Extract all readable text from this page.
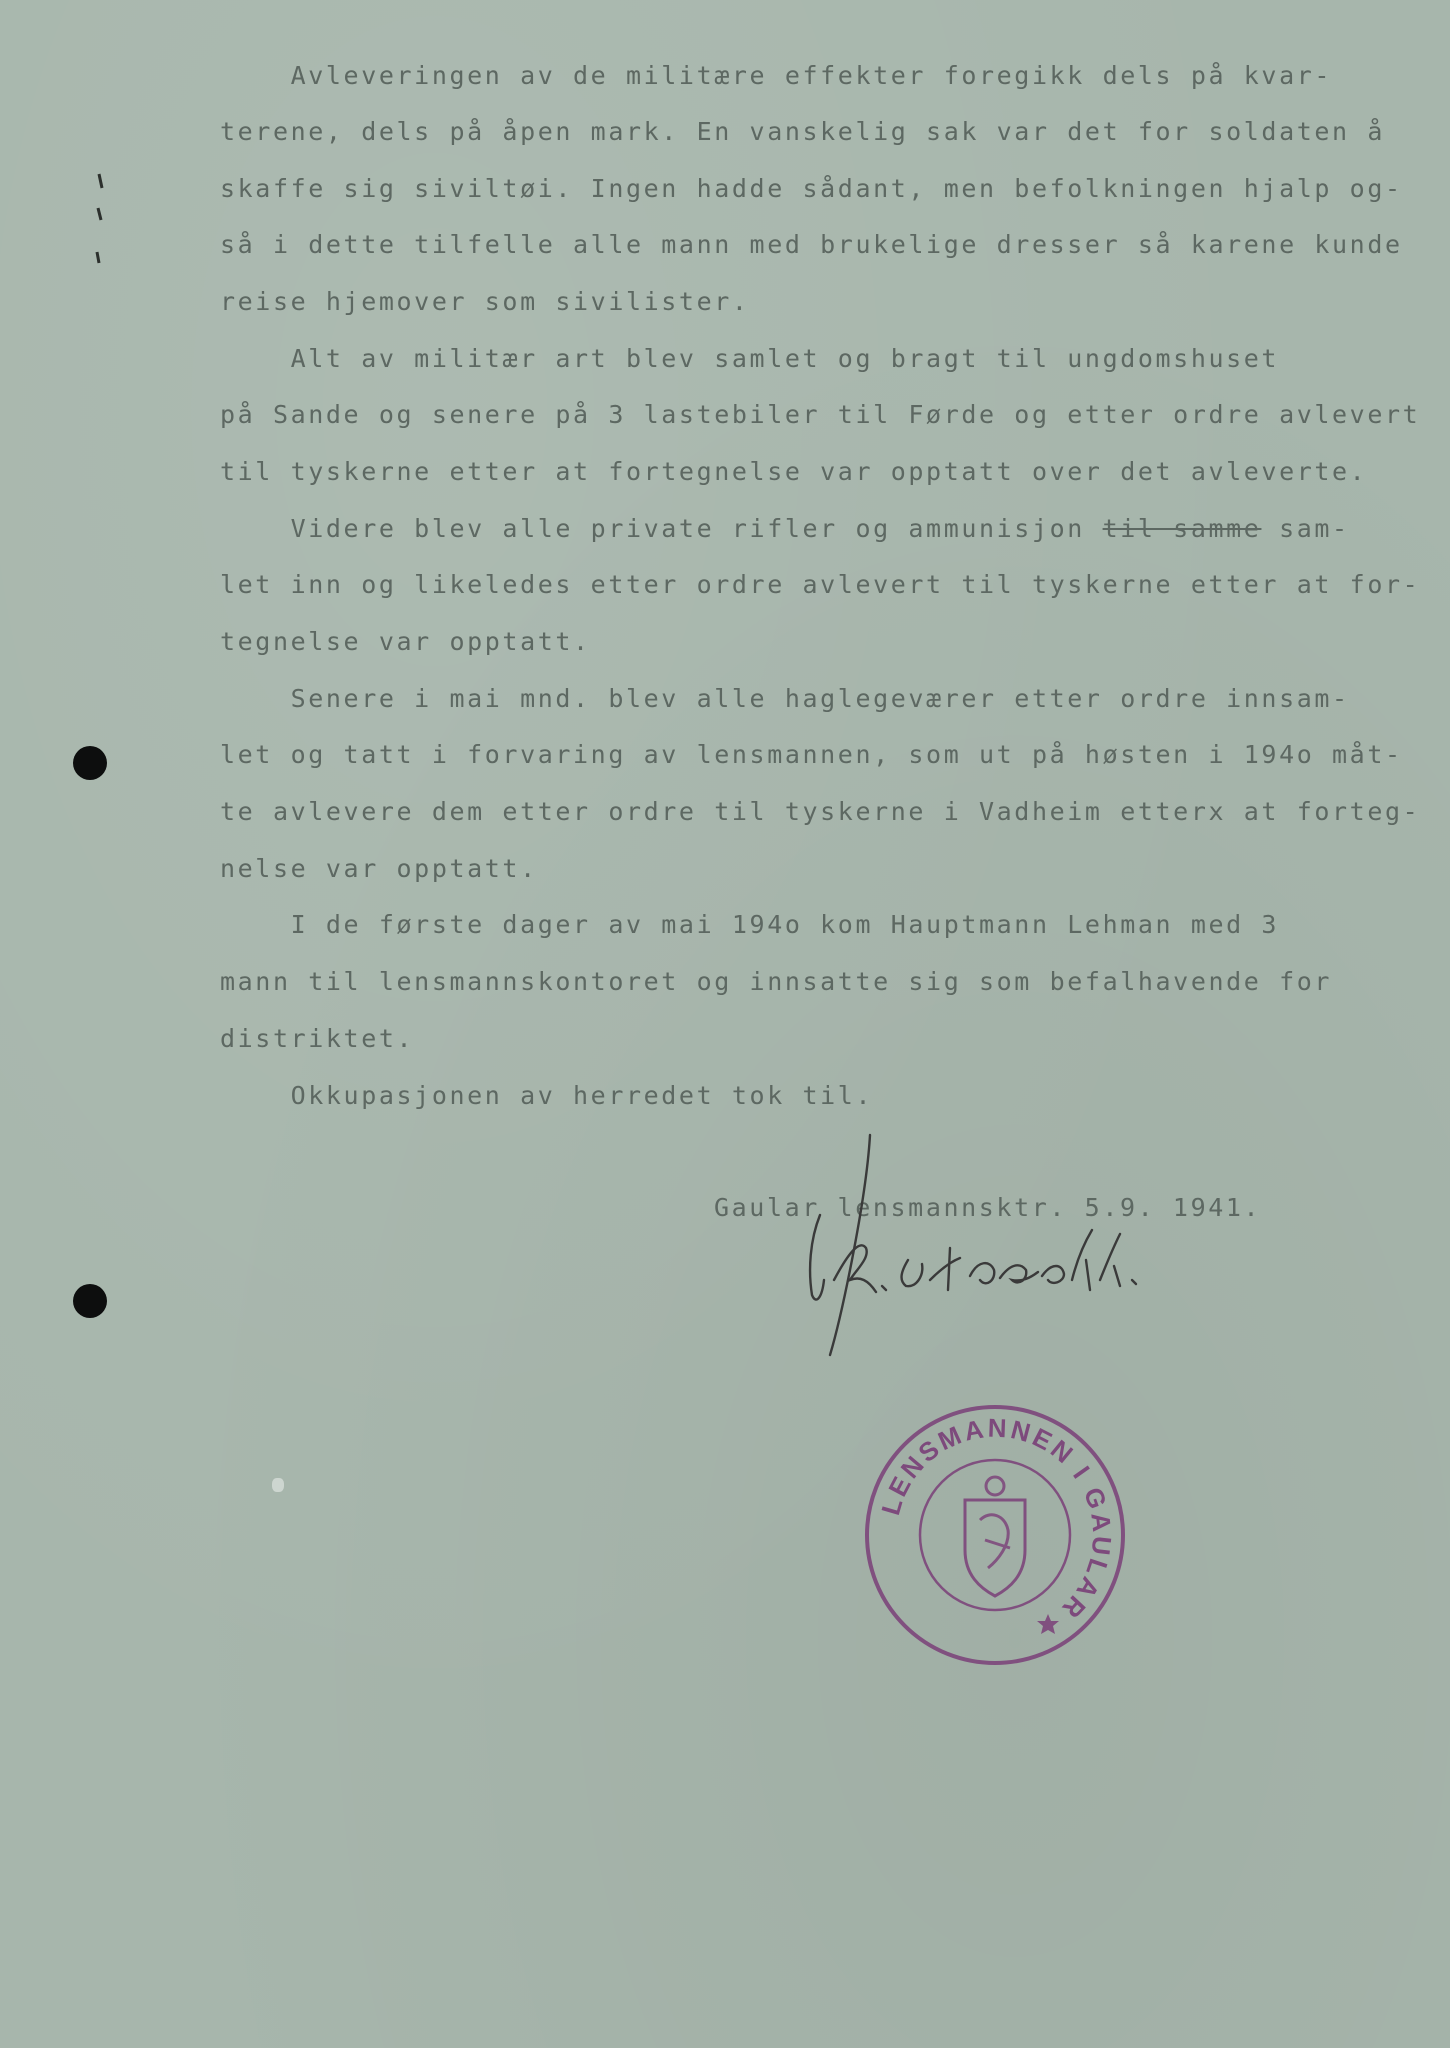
Avleveringen av de militære effekter foregikk dels på kvar-
terene, dels på åpen mark. En vanskelig sak var det for soldaten å
skaffe sig siviltøi. Ingen hadde sådant, men befolkningen hjalp og-
så i dette tilfelle alle mann med brukelige dresser så karene kunde
reise hjemover som sivilister.
Alt av militær art blev samlet og bragt til ungdomshuset
på Sande og senere på 3 lastebiler til Førde og etter ordre avlevert
til tyskerne etter at fortegnelse var opptatt over det avleverte.
Videre blev alle private rifler og ammunisjon til samme sam-
let inn og likeledes etter ordre avlevert til tyskerne etter at for-
tegnelse var opptatt.
Senere i mai mnd. blev alle haglegeværer etter ordre innsam-
let og tatt i forvaring av lensmannen, som ut på høsten i 194o måt-
te avlevere dem etter ordre til tyskerne i Vadheim etterx at forteg-
nelse var opptatt.
I de første dager av mai 194o kom Hauptmann Lehman med 3
mann til lensmannskontoret og innsatte sig som befalhavende for
distriktet.
Okkupasjonen av herredet tok til.
Gaular lensmannsktr. 5.9. 1941.
LENSMANNEN I GAULAR
